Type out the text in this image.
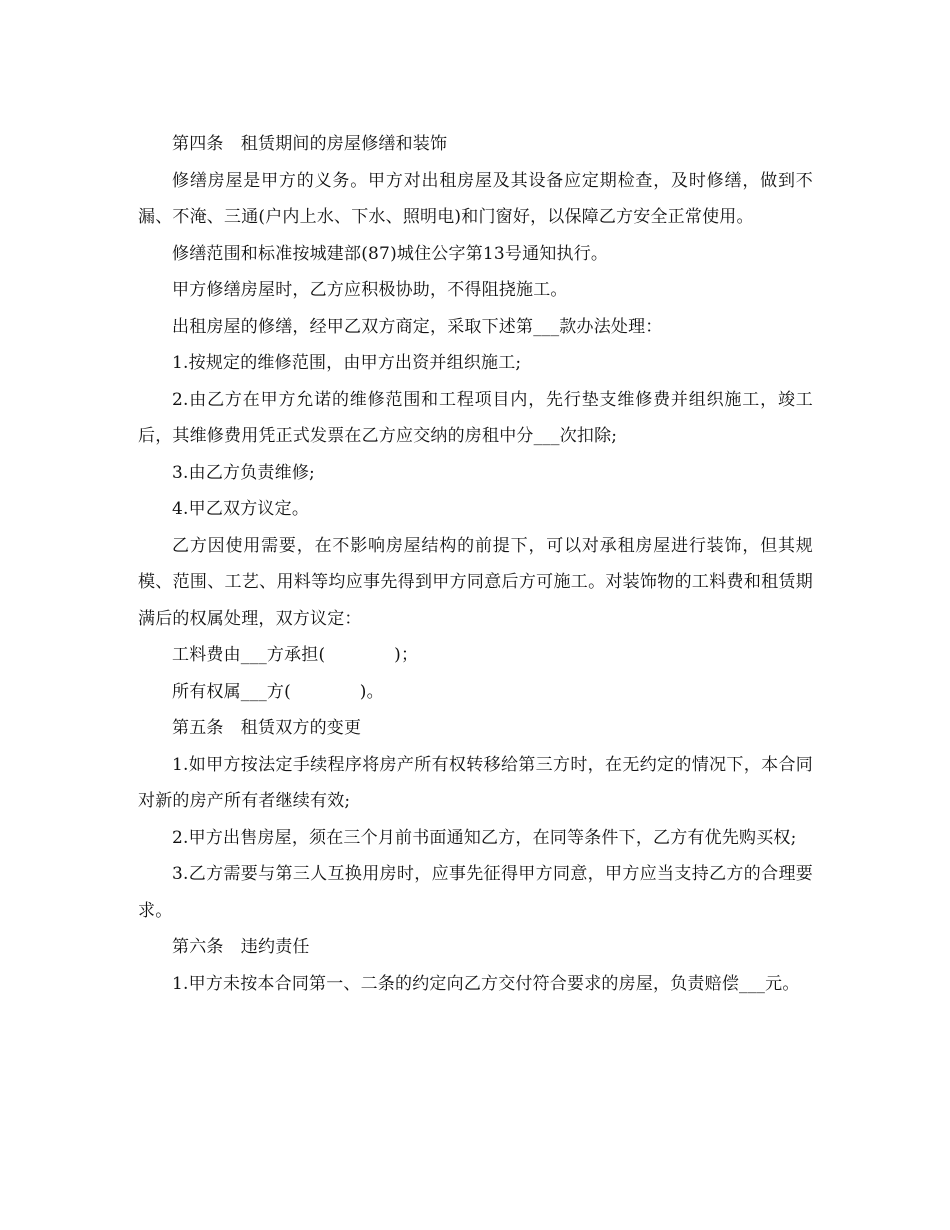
第四条　租赁期间的房屋修缮和装饰

修缮房屋是甲方的义务。甲方对出租房屋及其设备应定期检查，及时修缮，做到不漏、不淹、三通(户内上水、下水、照明电)和门窗好，以保障乙方安全正常使用。

修缮范围和标准按城建部(87)城住公字第13号通知执行。

甲方修缮房屋时，乙方应积极协助，不得阻挠施工。

出租房屋的修缮，经甲乙双方商定，采取下述第___款办法处理：

1.按规定的维修范围，由甲方出资并组织施工;

2.由乙方在甲方允诺的维修范围和工程项目内，先行垫支维修费并组织施工，竣工后，其维修费用凭正式发票在乙方应交纳的房租中分___次扣除;

3.由乙方负责维修;

4.甲乙双方议定。

乙方因使用需要，在不影响房屋结构的前提下，可以对承租房屋进行装饰，但其规模、范围、工艺、用料等均应事先得到甲方同意后方可施工。对装饰物的工料费和租赁期满后的权属处理，双方议定：

工料费由___方承担(　　　　)；

所有权属___方(　　　　)。

第五条　租赁双方的变更

1.如甲方按法定手续程序将房产所有权转移给第三方时，在无约定的情况下，本合同对新的房产所有者继续有效;

2.甲方出售房屋，须在三个月前书面通知乙方，在同等条件下，乙方有优先购买权;

3.乙方需要与第三人互换用房时，应事先征得甲方同意，甲方应当支持乙方的合理要求。

第六条　违约责任

1.甲方未按本合同第一、二条的约定向乙方交付符合要求的房屋，负责赔偿___元。
